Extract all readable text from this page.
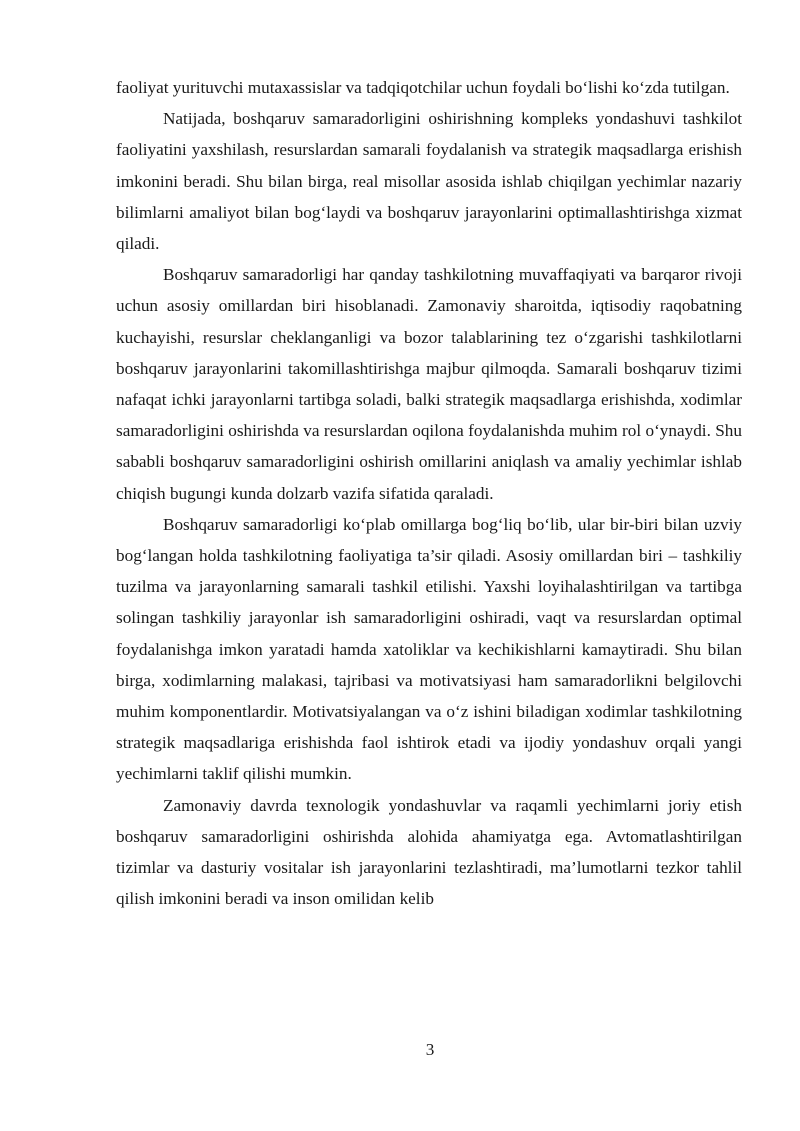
faoliyat yurituvchi mutaxassislar va tadqiqotchilar uchun foydali bo‘lishi ko‘zda tutilgan.

Natijada, boshqaruv samaradorligini oshirishning kompleks yondashuvi tashkilot faoliyatini yaxshilash, resurslardan samarali foydalanish va strategik maqsadlarga erishish imkonini beradi. Shu bilan birga, real misollar asosida ishlab chiqilgan yechimlar nazariy bilimlarni amaliyot bilan bog‘laydi va boshqaruv jarayonlarini optimallashtirishga xizmat qiladi.

Boshqaruv samaradorligi har qanday tashkilotning muvaffaqiyati va barqaror rivoji uchun asosiy omillardan biri hisoblanadi. Zamonaviy sharoitda, iqtisodiy raqobatning kuchayishi, resurslar cheklanganligi va bozor talablarining tez o‘zgarishi tashkilotlarni boshqaruv jarayonlarini takomillashtirishga majbur qilmoqda. Samarali boshqaruv tizimi nafaqat ichki jarayonlarni tartibga soladi, balki strategik maqsadlarga erishishda, xodimlar samaradorligini oshirishda va resurslardan oqilona foydalanishda muhim rol o‘ynaydi. Shu sababli boshqaruv samaradorligini oshirish omillarini aniqlash va amaliy yechimlar ishlab chiqish bugungi kunda dolzarb vazifa sifatida qaraladi.

Boshqaruv samaradorligi ko‘plab omillarga bog‘liq bo‘lib, ular bir-biri bilan uzviy bog‘langan holda tashkilotning faoliyatiga ta’sir qiladi. Asosiy omillardan biri – tashkiliy tuzilma va jarayonlarning samarali tashkil etilishi. Yaxshi loyihalashtirilgan va tartibga solingan tashkiliy jarayonlar ish samaradorligini oshiradi, vaqt va resurslardan optimal foydalanishga imkon yaratadi hamda xatoliklar va kechikishlarni kamaytiradi. Shu bilan birga, xodimlarning malakasi, tajribasi va motivatsiyasi ham samaradorlikni belgilovchi muhim komponentlardir. Motivatsiyalangan va o‘z ishini biladigan xodimlar tashkilotning strategik maqsadlariga erishishda faol ishtirok etadi va ijodiy yondashuv orqali yangi yechimlarni taklif qilishi mumkin.

Zamonaviy davrda texnologik yondashuvlar va raqamli yechimlarni joriy etish boshqaruv samaradorligini oshirishda alohida ahamiyatga ega. Avtomatlashtirilgan tizimlar va dasturiy vositalar ish jarayonlarini tezlashtiradi, ma’lumotlarni tezkor tahlil qilish imkonini beradi va inson omilidan kelib

3
